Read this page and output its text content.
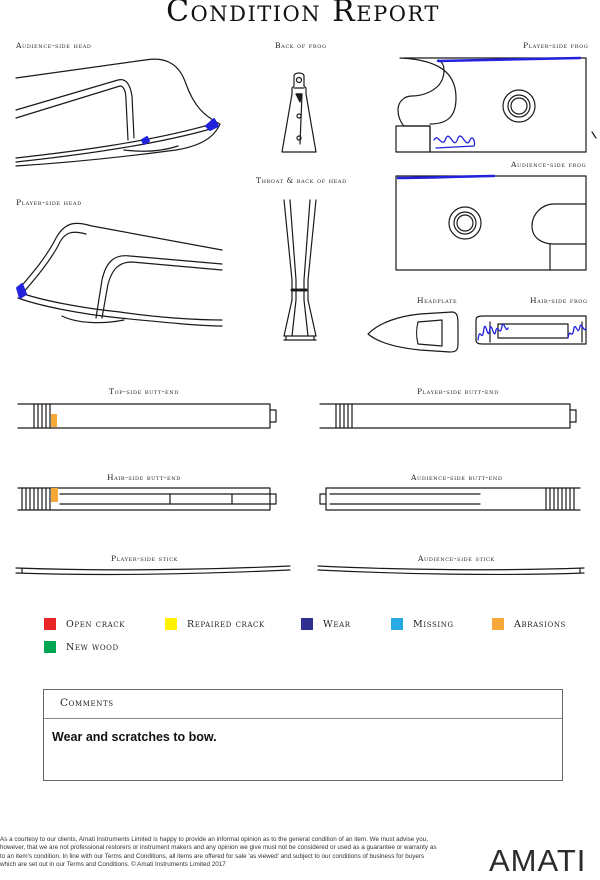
Condition Report
Audience-side head	Back of frog	Player-side frog
Audience-side frog
Throat & back of head
Player-side head
Headplate	Hair-side frog
Top-side butt-end	Player-side butt-end
Hair-side butt-end	Audience-side butt-end
Player-side stick	Audience-side stick
Open crack	Repaired crack	Wear	Missing	Abrasions
New wood
Comments
Wear and scratches to bow.
As a courtesy to our clients, Amati Instruments Limited is happy to provide an informal opinion as to the general condition of an item. We must advise you, however, that we are not professional restorers or instrument makers and any opinion we give must not be considered or used as a guarantee or warranty as to an item's condition. In line with our Terms and Conditions, all items are offered for sale 'as viewed' and subject to our conditions of business for buyers which are set out in our Terms and Conditions. © Amati Instruments Limited 2017	AMATI
